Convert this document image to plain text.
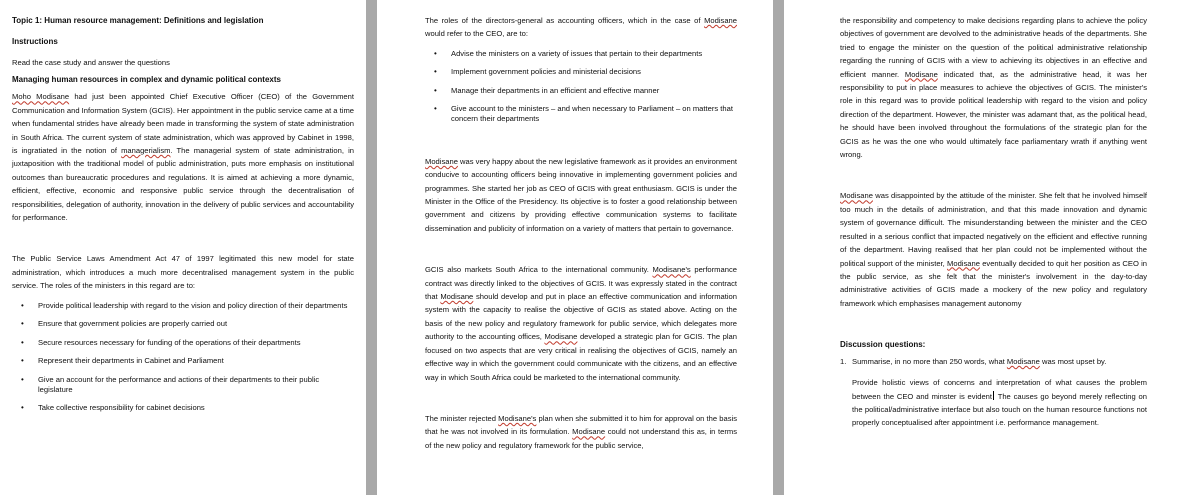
Topic 1: Human resource management: Definitions and legislation

Instructions

Read the case study and answer the questions

Managing human resources in complex and dynamic political contexts

Moho Modisane had just been appointed Chief Executive Officer (CEO) of the Government Communication and Information System (GCIS). Her appointment in the public service came at a time when fundamental strides have already been made in transforming the system of state administration in South Africa. The current system of state administration, which was approved by Cabinet in 1998, is ingratiated in the notion of managerialism. The managerial system of state administration, in juxtaposition with the traditional model of public administration, puts more emphasis on institutional outcomes than bureaucratic procedures and regulations. It is aimed at achieving a more dynamic, efficient, effective, economic and responsive public service through the decentralisation of responsibilities, delegation of authority, innovation in the delivery of public services and accountability for performance.

The Public Service Laws Amendment Act 47 of 1997 legitimated this new model for state administration, which introduces a much more decentralised management system in the public service. The roles of the ministers in this regard are to:

• Provide political leadership with regard to the vision and policy direction of their departments
• Ensure that government policies are properly carried out
• Secure resources necessary for funding of the operations of their departments
• Represent their departments in Cabinet and Parliament
• Give an account for the performance and actions of their departments to their public legislature
• Take collective responsibility for cabinet decisions

The roles of the directors-general as accounting officers, which in the case of Modisane would refer to the CEO, are to:

• Advise the ministers on a variety of issues that pertain to their departments
• Implement government policies and ministerial decisions
• Manage their departments in an efficient and effective manner
• Give account to the ministers – and when necessary to Parliament – on matters that concern their departments

Modisane was very happy about the new legislative framework as it provides an environment conducive to accounting officers being innovative in implementing government policies and programmes. She started her job as CEO of GCIS with great enthusiasm. GCIS is under the Minister in the Office of the Presidency. Its objective is to foster a good relationship between government and citizens by providing effective communication systems to facilitate dissemination and publicity of information on a variety of matters that pertain to governance.

GCIS also markets South Africa to the international community. Modisane's performance contract was directly linked to the objectives of GCIS. It was expressly stated in the contract that Modisane should develop and put in place an effective communication and information system with the capacity to realise the objective of GCIS as stated above. Acting on the basis of the new policy and regulatory framework for public service, which delegates more authority to the accounting offices, Modisane developed a strategic plan for GCIS. The plan focused on two aspects that are very critical in realising the objectives of GCIS, namely an effective way in which the government could communicate with the citizens, and an effective way in which South Africa could be marketed to the international community.

The minister rejected Modisane's plan when she submitted it to him for approval on the basis that he was not involved in its formulation. Modisane could not understand this as, in terms of the new policy and regulatory framework for the public service,

the responsibility and competency to make decisions regarding plans to achieve the policy objectives of government are devolved to the administrative heads of the departments. She tried to engage the minister on the question of the political administrative relationship regarding the running of GCIS with a view to achieving its objectives in an effective and efficient manner. Modisane indicated that, as the administrative head, it was her responsibility to put in place measures to achieve the objectives of GCIS. The minister's role in this regard was to provide political leadership with regard to the vision and policy direction of the department. However, the minister was adamant that, as the political head, he should have been involved throughout the formulations of the strategic plan for the GCIS as he was the one who would ultimately face parliamentary wrath if anything went wrong.

Modisane was disappointed by the attitude of the minister. She felt that he involved himself too much in the details of administration, and that this made innovation and dynamic system of governance difficult. The misunderstanding between the minister and the CEO resulted in a serious conflict that impacted negatively on the efficient and effective running of the department. Having realised that her plan could not be implemented without the political support of the minister, Modisane eventually decided to quit her position as CEO in the public service, as she felt that the minister's involvement in the day-to-day administrative activities of GCIS made a mockery of the new policy and regulatory framework which emphasises management autonomy

Discussion questions:

1. Summarise, in no more than 250 words, what Modisane was most upset by.

Provide holistic views of concerns and interpretation of what causes the problem between the CEO and minster is evident The causes go beyond merely reflecting on the political/administrative interface but also touch on the human resource functions not properly conceptualised after appointment i.e. performance management.
